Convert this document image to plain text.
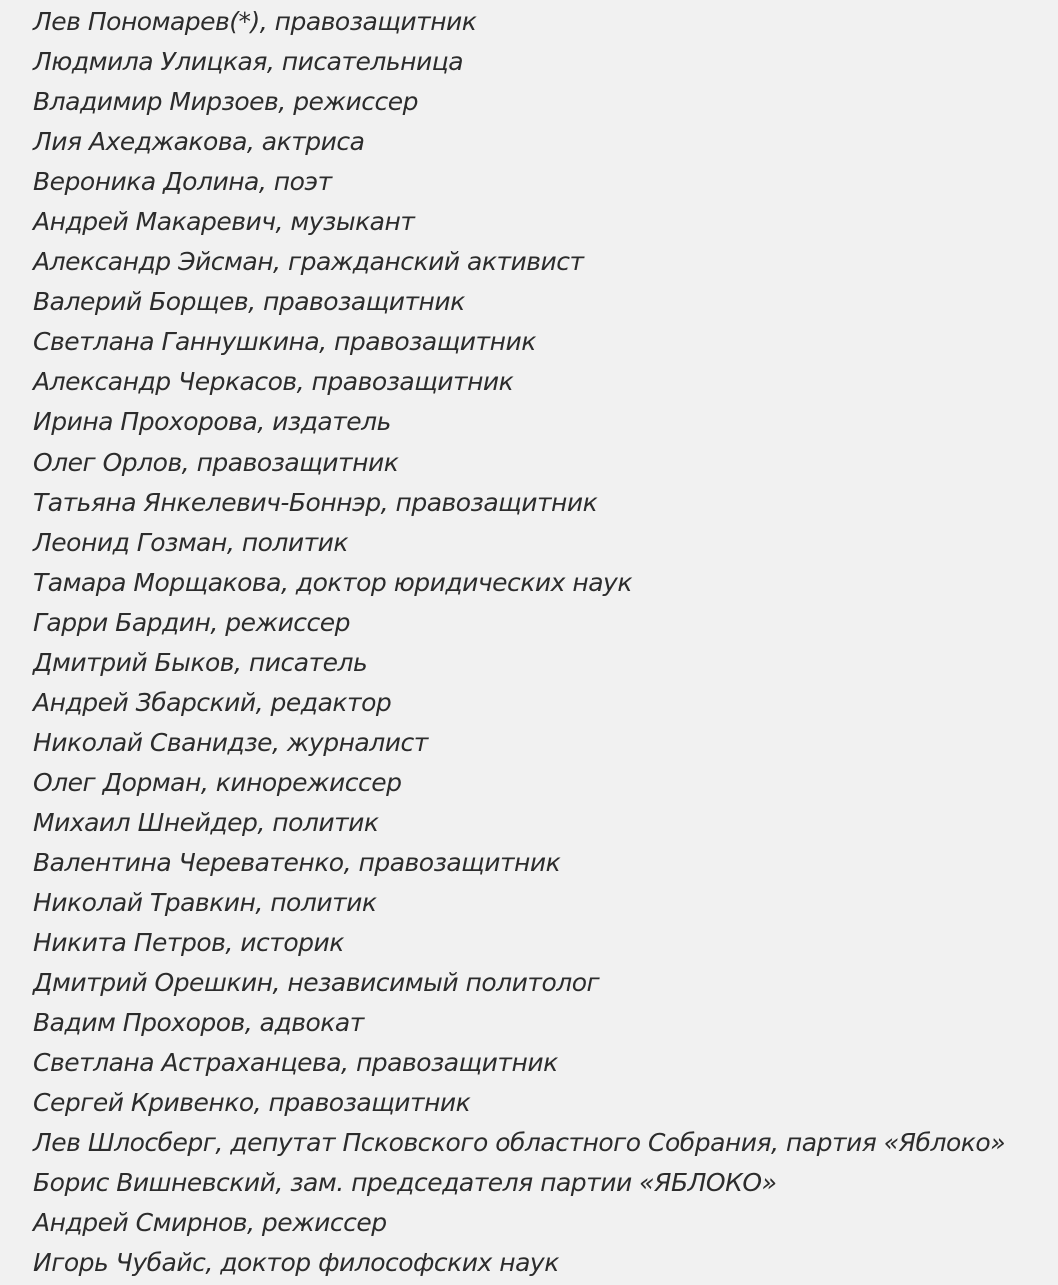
Лев Пономарев(*), правозащитник
Людмила Улицкая, писательница
Владимир Мирзоев, режиссер
Лия Ахеджакова, актриса
Вероника Долина, поэт
Андрей Макаревич, музыкант
Александр Эйсман, гражданский активист
Валерий Борщев, правозащитник
Светлана Ганнушкина, правозащитник
Александр Черкасов, правозащитник
Ирина Прохорова, издатель
Олег Орлов, правозащитник
Татьяна Янкелевич-Боннэр, правозащитник
Леонид Гозман, политик
Тамара Морщакова, доктор юридических наук
Гарри Бардин, режиссер
Дмитрий Быков, писатель
Андрей Збарский, редактор
Николай Сванидзе, журналист
Олег Дорман, кинорежиссер
Михаил Шнейдер, политик
Валентина Череватенко, правозащитник
Николай Травкин, политик
Никита Петров, историк
Дмитрий Орешкин, независимый политолог
Вадим Прохоров, адвокат
Светлана Астраханцева, правозащитник
Сергей Кривенко, правозащитник
Лев Шлосберг, депутат Псковского областного Собрания, партия «Яблоко»
Борис Вишневский, зам. председателя партии «ЯБЛОКО»
Андрей Смирнов, режиссер
Игорь Чубайс, доктор философских наук
